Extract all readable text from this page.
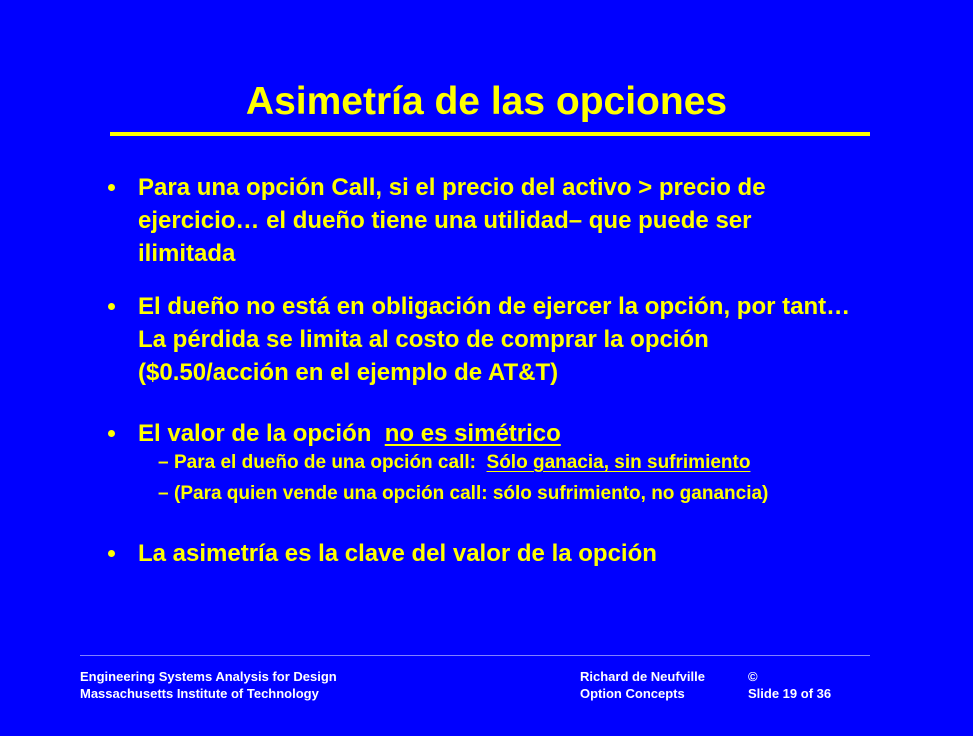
Asimetría de las opciones
Para una opción Call, si el precio del activo > precio de
ejercicio… el dueño tiene una utilidad– que puede ser
ilimitada
El dueño no está en obligación de ejercer la opción, por tant…
La pérdida se limita al costo de comprar la opción
($0.50/acción en el ejemplo de AT&T)
El valor de la opción  no es simétrico
– Para el dueño de una opción call:  Sólo ganacia, sin sufrimiento
– (Para quien vende una opción call: sólo sufrimiento, no ganancia)
La asimetría es la clave del valor de la opción
Engineering Systems Analysis for Design
Massachusetts Institute of Technology
Richard de Neufville
Option Concepts
©
Slide 19 of 36
